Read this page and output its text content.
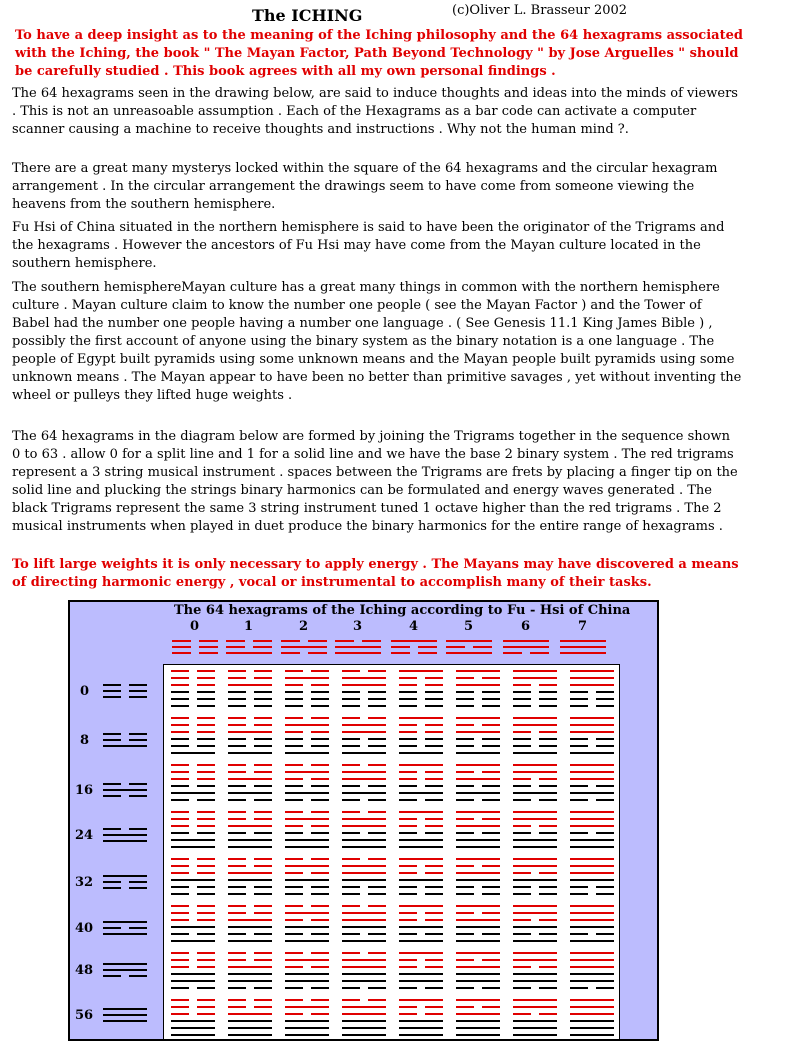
The ICHING	(c)Oliver L. Brasseur 2002

To have a deep insight as to the meaning of the Iching philosophy and the 64 hexagrams associated with the Iching, the book " The Mayan Factor, Path Beyond Technology " by Jose Arguelles " should be carefully studied . This book agrees with all my own personal findings .

The 64 hexagrams seen in the drawing below, are said to induce thoughts and ideas into the minds of viewers . This is not an unreasoable assumption . Each of the Hexagrams as a bar code can activate a computer scanner causing a machine to receive thoughts and instructions . Why not the human mind ?.

There are a great many mysterys locked within the square of the 64 hexagrams and the circular hexagram arrangement . In the circular arrangement the drawings seem to have come from someone viewing the heavens from the southern hemisphere.

Fu Hsi of China situated in the northern hemisphere is said to have been the originator of the Trigrams and the hexagrams . However the ancestors of Fu Hsi may have come from the Mayan culture located in the southern hemisphere.

The southern hemisphereMayan culture has a great many things in common with the northern hemisphere culture . Mayan culture claim to know the number one people ( see the Mayan Factor ) and the Tower of Babel had the number one people having a number one language . ( See Genesis 11.1 King James Bible ) , possibly the first account of anyone using the binary system as the binary notation is a one language . The people of Egypt built pyramids using some unknown means and the Mayan people built pyramids using some unknown means . The Mayan appear to have been no better than primitive savages , yet without inventing the wheel or pulleys they lifted huge weights .

The 64 hexagrams in the diagram below are formed by joining the Trigrams together in the sequence shown 0 to 63 . allow 0 for a split line and 1 for a solid line and we have the base 2 binary system . The red trigrams represent a 3 string musical instrument . spaces between the Trigrams are frets by placing a finger tip on the solid line and plucking the strings binary harmonics can be formulated and energy waves generated . The black Trigrams represent the same 3 string instrument tuned 1 octave higher than the red trigrams . The 2 musical instruments when played in duet produce the binary harmonics for the entire range of hexagrams .

To lift large weights it is only necessary to apply energy . The Mayans may have discovered a means of directing harmonic energy , vocal or instrumental to accomplish many of their tasks.

The 64 hexagrams of the Iching according to Fu - Hsi of China
0	1	2	3	4	5	6	7
0
8
16
24
32
40
48
56
